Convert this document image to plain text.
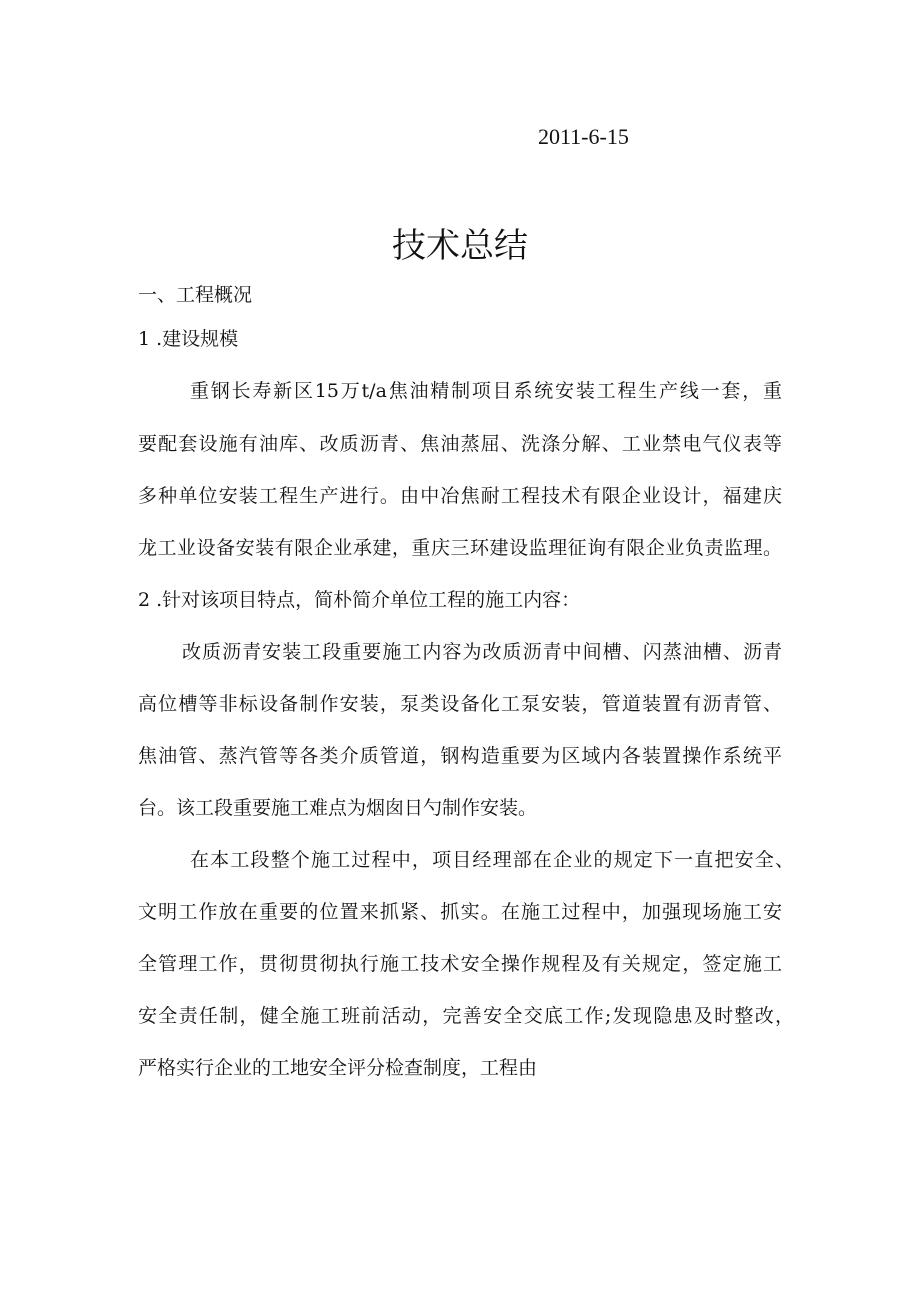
2011-6-15
技术总结
一、工程概况
1 .建设规模
重钢长寿新区15万t/a焦油精制项目系统安装工程生产线一套，重
要配套设施有油库、改质沥青、焦油蒸屈、洗涤分解、工业禁电气仪表等
多种单位安装工程生产进行。由中冶焦耐工程技术有限企业设计，福建庆
龙工业设备安装有限企业承建，重庆三环建设监理征询有限企业负责监理。
2 .针对该项目特点，简朴简介单位工程的施工内容：
改质沥青安装工段重要施工内容为改质沥青中间槽、闪蒸油槽、沥青
高位槽等非标设备制作安装，泵类设备化工泵安装，管道装置有沥青管、
焦油管、蒸汽管等各类介质管道，钢构造重要为区域内各装置操作系统平
台。该工段重要施工难点为烟囱日勺制作安装。
在本工段整个施工过程中，项目经理部在企业的规定下一直把安全、
文明工作放在重要的位置来抓紧、抓实。在施工过程中，加强现场施工安
全管理工作，贯彻贯彻执行施工技术安全操作规程及有关规定，签定施工
安全责任制，健全施工班前活动，完善安全交底工作;发现隐患及时整改，
严格实行企业的工地安全评分检查制度，工程由
